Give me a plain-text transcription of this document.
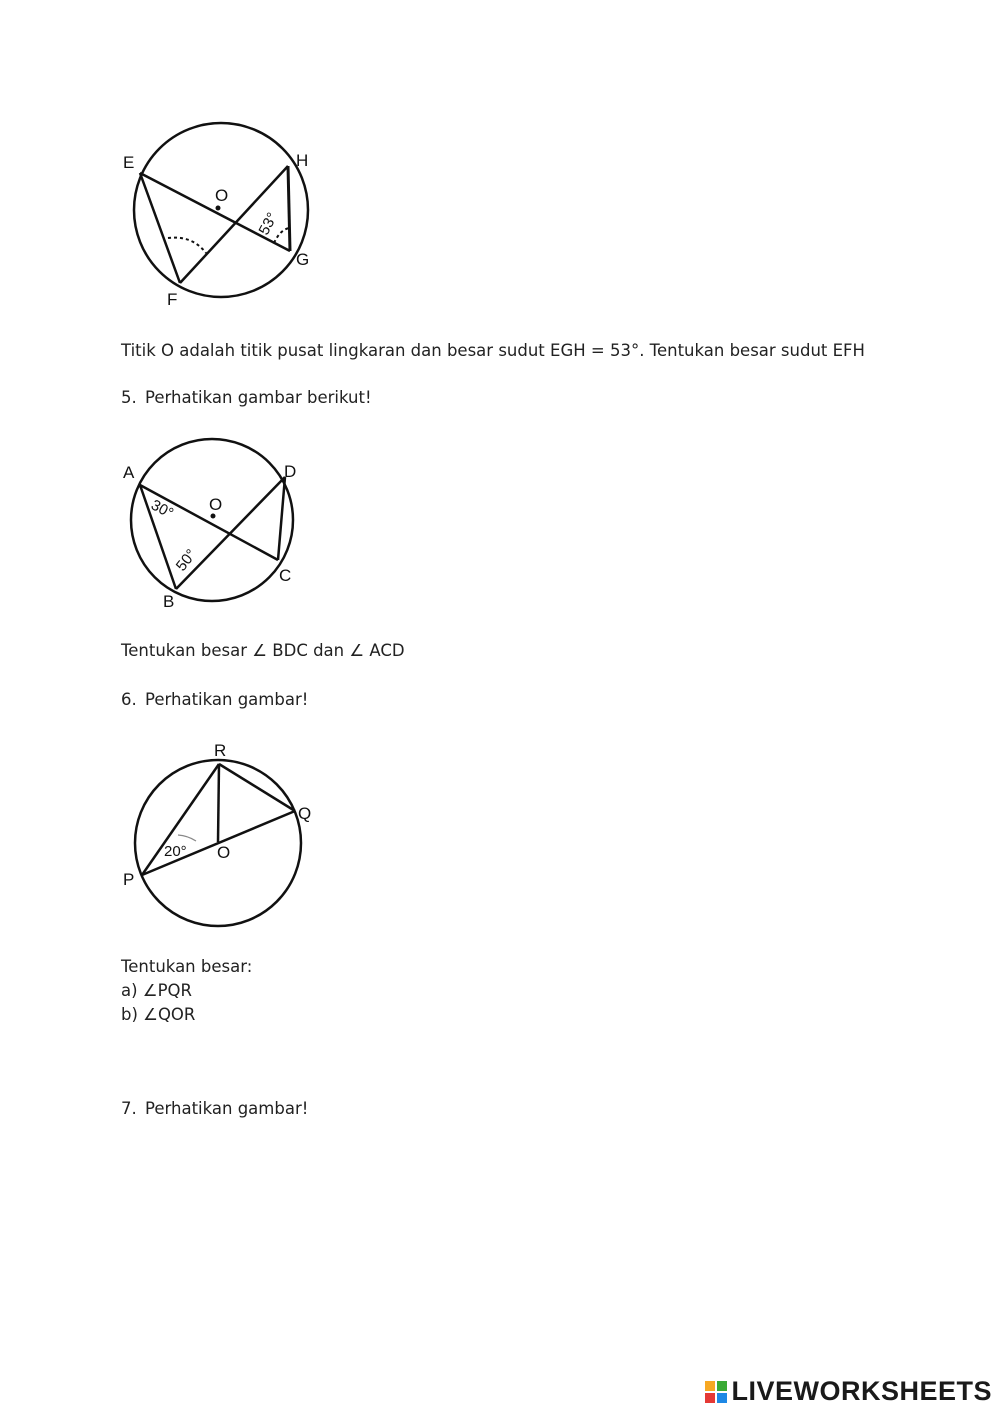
E	H
O
G
F
53°
Titik O adalah titik pusat lingkaran dan besar sudut EGH = 53°. Tentukan besar sudut EFH
5. Perhatikan gambar berikut!
A	D
O
B
C
30°
50°
Tentukan besar ∠ BDC dan ∠ ACD
6. Perhatikan gambar!
R
Q
O
P
20°
Tentukan besar:
a) ∠PQR
b) ∠QOR
7. Perhatikan gambar!
LIVEWORKSHEETS
